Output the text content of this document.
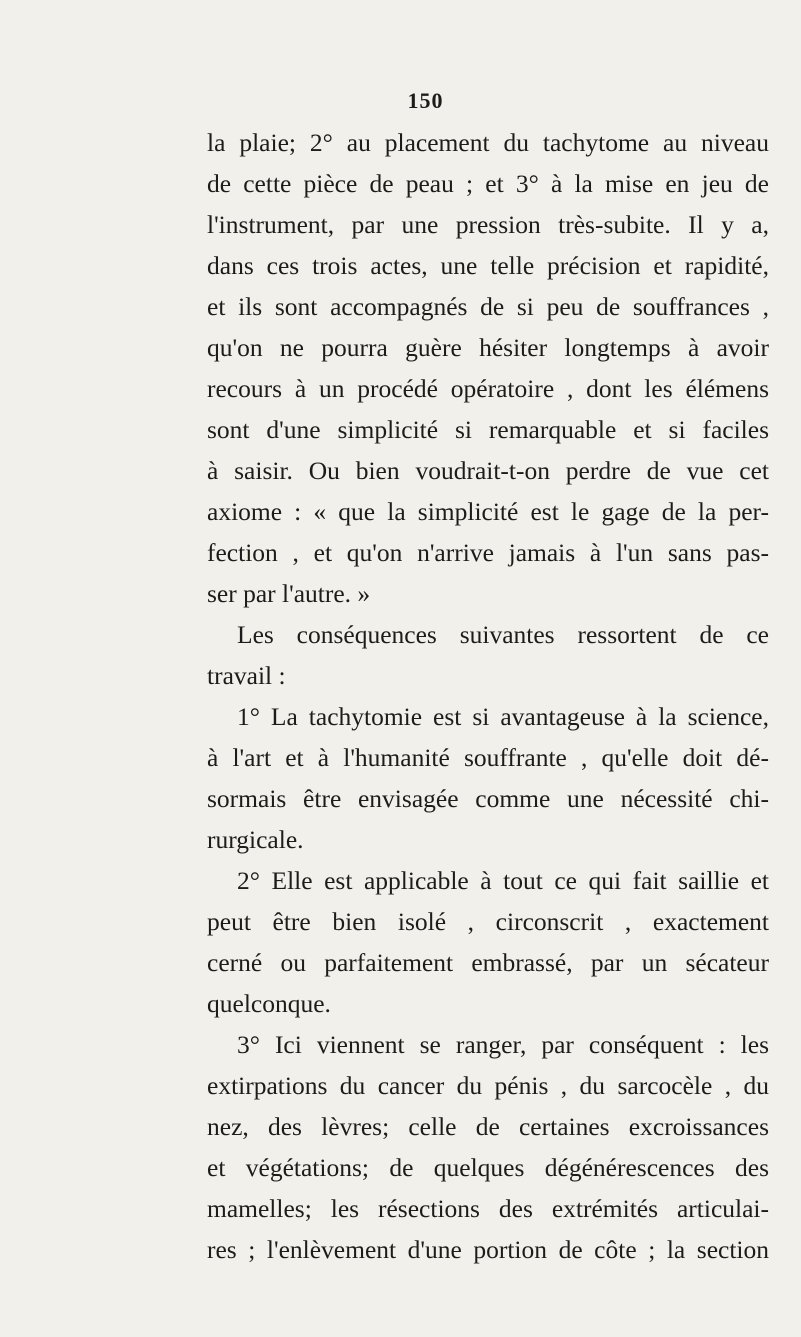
150

la plaie; 2° au placement du tachytome au niveau

de cette pièce de peau ; et 3° à la mise en jeu de

l'instrument, par une pression très-subite. Il y a,

dans ces trois actes, une telle précision et rapidité,

et ils sont accompagnés de si peu de souffrances ,

qu'on ne pourra guère hésiter longtemps à avoir

recours à un procédé opératoire , dont les élémens

sont d'une simplicité si remarquable et si faciles

à saisir. Ou bien voudrait-t-on perdre de vue cet

axiome : « que la simplicité est le gage de la per-

fection , et qu'on n'arrive jamais à l'un sans pas-

ser par l'autre. »

Les conséquences suivantes ressortent de ce

travail :

1° La tachytomie est si avantageuse à la science,

à l'art et à l'humanité souffrante , qu'elle doit dé-

sormais être envisagée comme une nécessité chi-

rurgicale.

2° Elle est applicable à tout ce qui fait saillie et

peut être bien isolé , circonscrit , exactement

cerné ou parfaitement embrassé, par un sécateur

quelconque.

3° Ici viennent se ranger, par conséquent : les

extirpations du cancer du pénis , du sarcocèle , du

nez, des lèvres; celle de certaines excroissances

et végétations; de quelques dégénérescences des

mamelles; les résections des extrémités articulai-

res ; l'enlèvement d'une portion de côte ; la section
